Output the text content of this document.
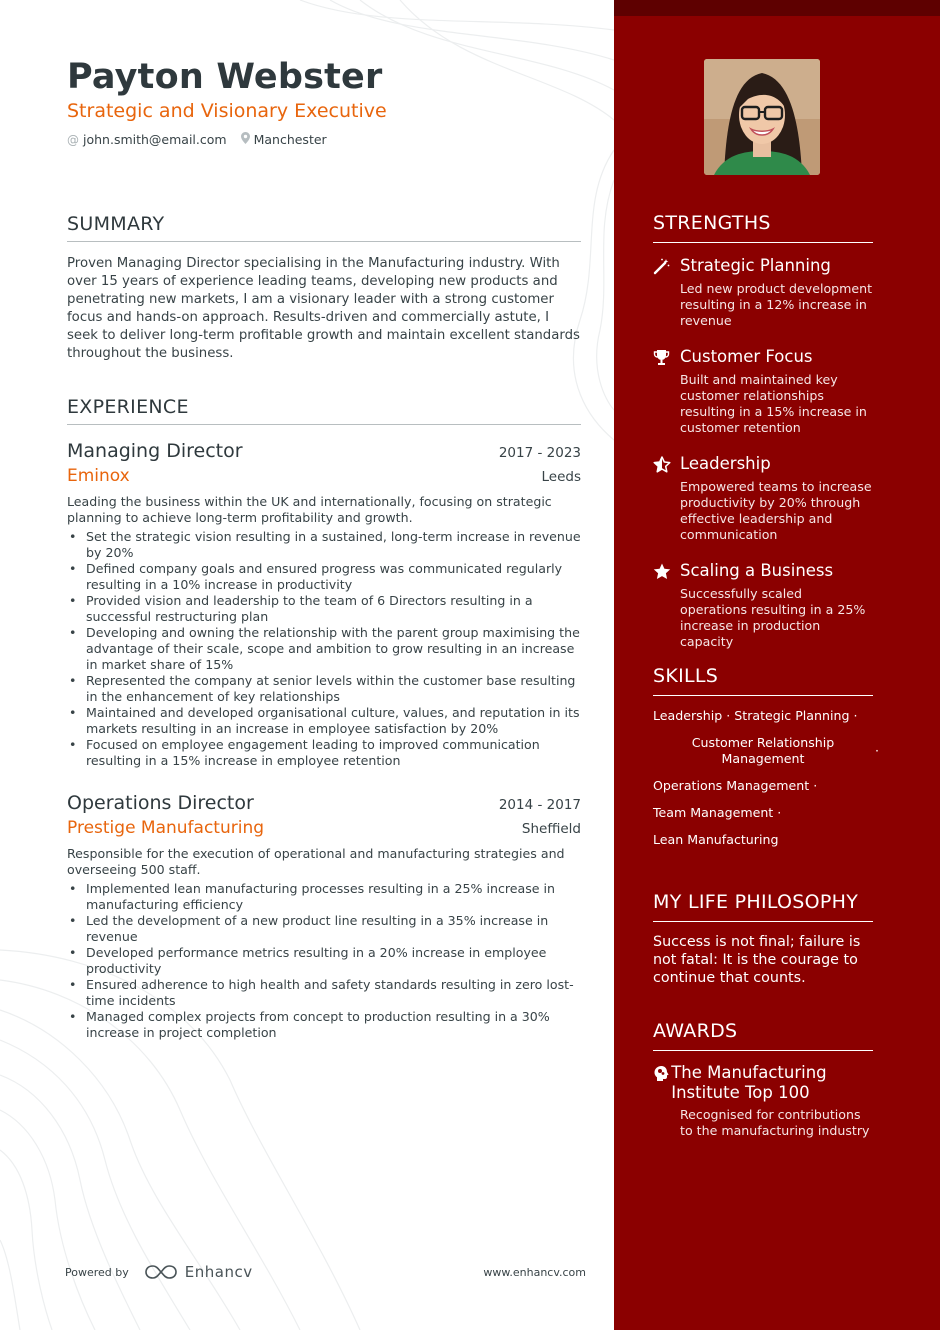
Payton Webster
Strategic and Visionary Executive
@ john.smith@email.com Manchester
SUMMARY
Proven Managing Director specialising in the Manufacturing industry. With over 15 years of experience leading teams, developing new products and penetrating new markets, I am a visionary leader with a strong customer focus and hands-on approach. Results-driven and commercially astute, I seek to deliver long-term profitable growth and maintain excellent standards throughout the business.
EXPERIENCE
Managing Director	2017 - 2023
Eminox	Leeds
Leading the business within the UK and internationally, focusing on strategic planning to achieve long-term profitability and growth.
• Set the strategic vision resulting in a sustained, long-term increase in revenue by 20%
• Defined company goals and ensured progress was communicated regularly resulting in a 10% increase in productivity
• Provided vision and leadership to the team of 6 Directors resulting in a successful restructuring plan
• Developing and owning the relationship with the parent group maximising the advantage of their scale, scope and ambition to grow resulting in an increase in market share of 15%
• Represented the company at senior levels within the customer base resulting in the enhancement of key relationships
• Maintained and developed organisational culture, values, and reputation in its markets resulting in an increase in employee satisfaction by 20%
• Focused on employee engagement leading to improved communication resulting in a 15% increase in employee retention
Operations Director	2014 - 2017
Prestige Manufacturing	Sheffield
Responsible for the execution of operational and manufacturing strategies and overseeing 500 staff.
• Implemented lean manufacturing processes resulting in a 25% increase in manufacturing efficiency
• Led the development of a new product line resulting in a 35% increase in revenue
• Developed performance metrics resulting in a 20% increase in employee productivity
• Ensured adherence to high health and safety standards resulting in zero lost-time incidents
• Managed complex projects from concept to production resulting in a 30% increase in project completion
Powered by	Enhancv	www.enhancv.com
STRENGTHS
Strategic Planning
Led new product development resulting in a 12% increase in revenue
Customer Focus
Built and maintained key customer relationships resulting in a 15% increase in customer retention
Leadership
Empowered teams to increase productivity by 20% through effective leadership and communication
Scaling a Business
Successfully scaled operations resulting in a 25% increase in production capacity
SKILLS
Leadership · Strategic Planning ·
Customer Relationship Management
·
Operations Management ·
Team Management ·
Lean Manufacturing
MY LIFE PHILOSOPHY
Success is not final; failure is not fatal: It is the courage to continue that counts.
AWARDS
The Manufacturing Institute Top 100
Recognised for contributions to the manufacturing industry
